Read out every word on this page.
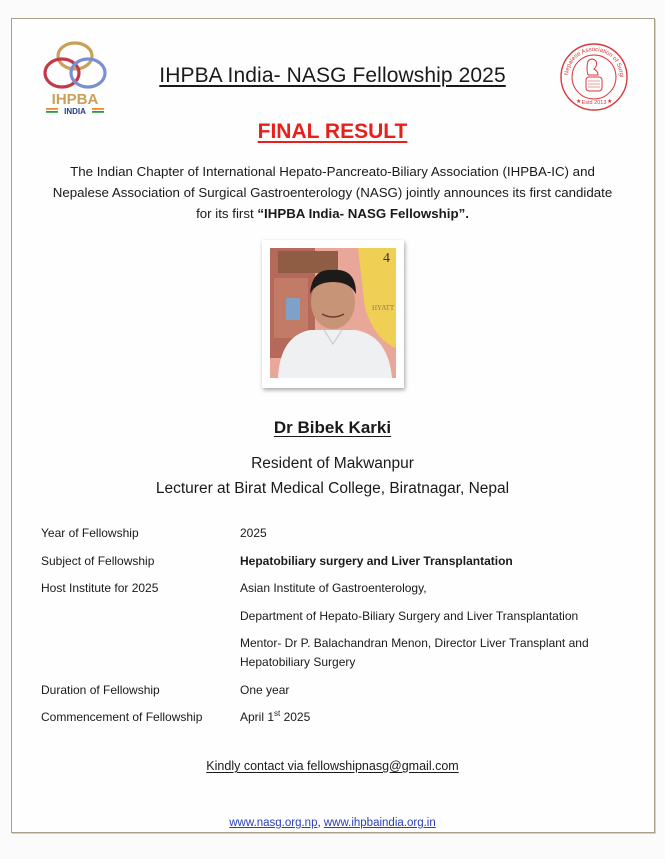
IHPBA
INDIA
Nepalese Association of Surgi
★	★
Estd 2013
IHPBA India- NASG Fellowship 2025
FINAL RESULT
The Indian Chapter of International Hepato-Pancreato-Biliary Association (IHPBA-IC) and
Nepalese Association of Surgical Gastroenterology (NASG) jointly announces its first candidate
for its first “IHPBA India- NASG Fellowship”.
HYATT
4
Dr Bibek Karki
Resident of Makwanpur
Lecturer at Birat Medical College, Biratnagar, Nepal
Year of Fellowship	2025
Subject of Fellowship	Hepatobiliary surgery and Liver Transplantation
Host Institute for 2025	Asian Institute of Gastroenterology,
Department of Hepato-Biliary Surgery and Liver Transplantation
Mentor- Dr P. Balachandran Menon, Director Liver Transplant and
Hepatobiliary Surgery
Duration of Fellowship	One year
Commencement of Fellowship	April 1st 2025
Kindly contact via fellowshipnasg@gmail.com
www.nasg.org.np, www.ihpbaindia.org.in
